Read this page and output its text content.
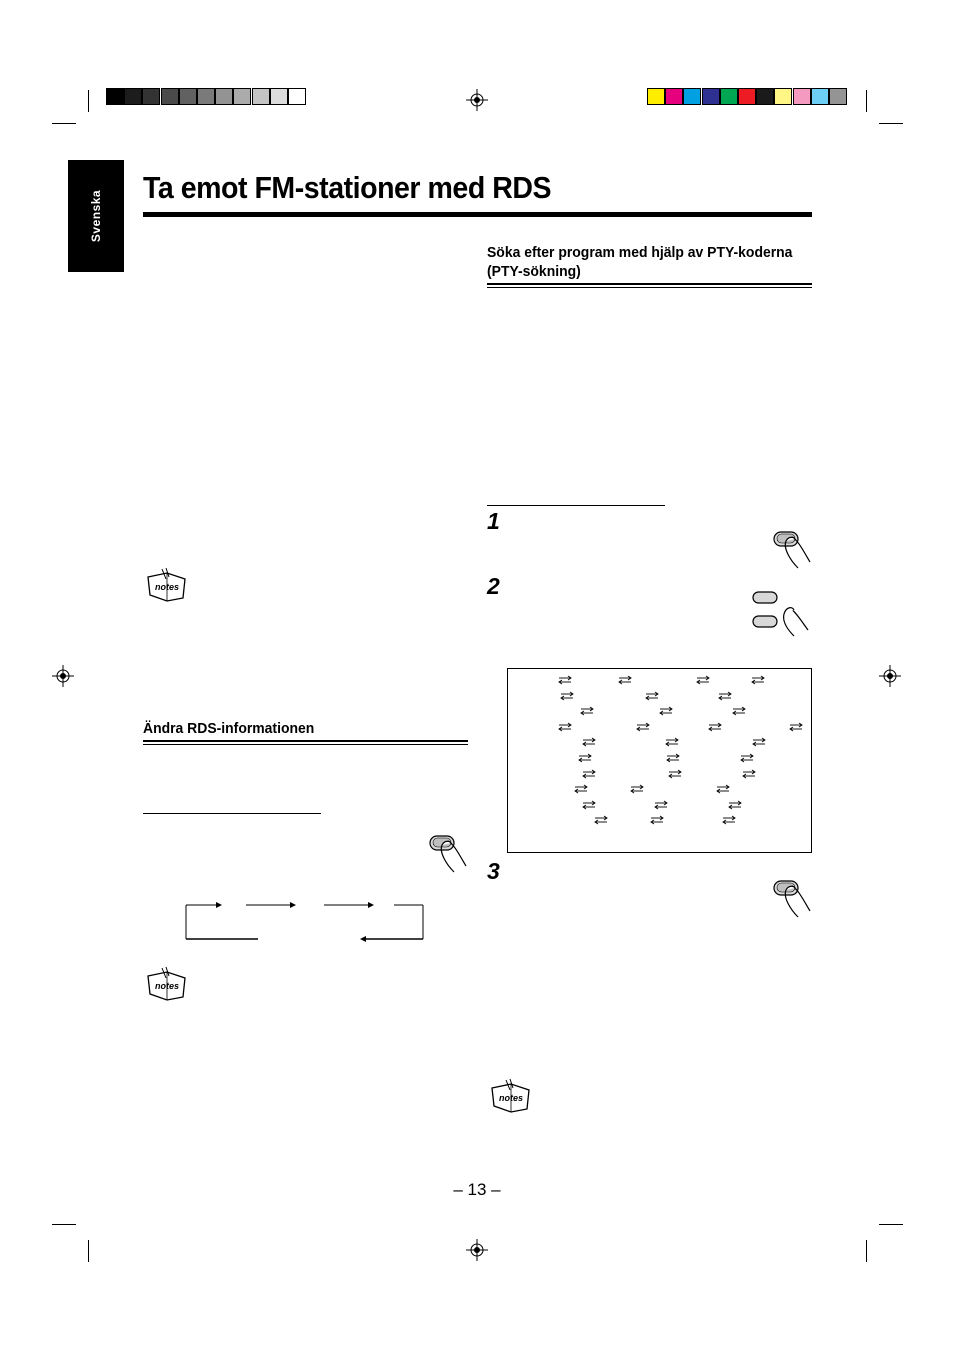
Svenska
Ta emot FM-stationer med RDS
notes
Ändra RDS-informationen
notes
Söka efter program med hjälp av PTY-koderna
(PTY-sökning)
1
2
3
notes
– 13 –
